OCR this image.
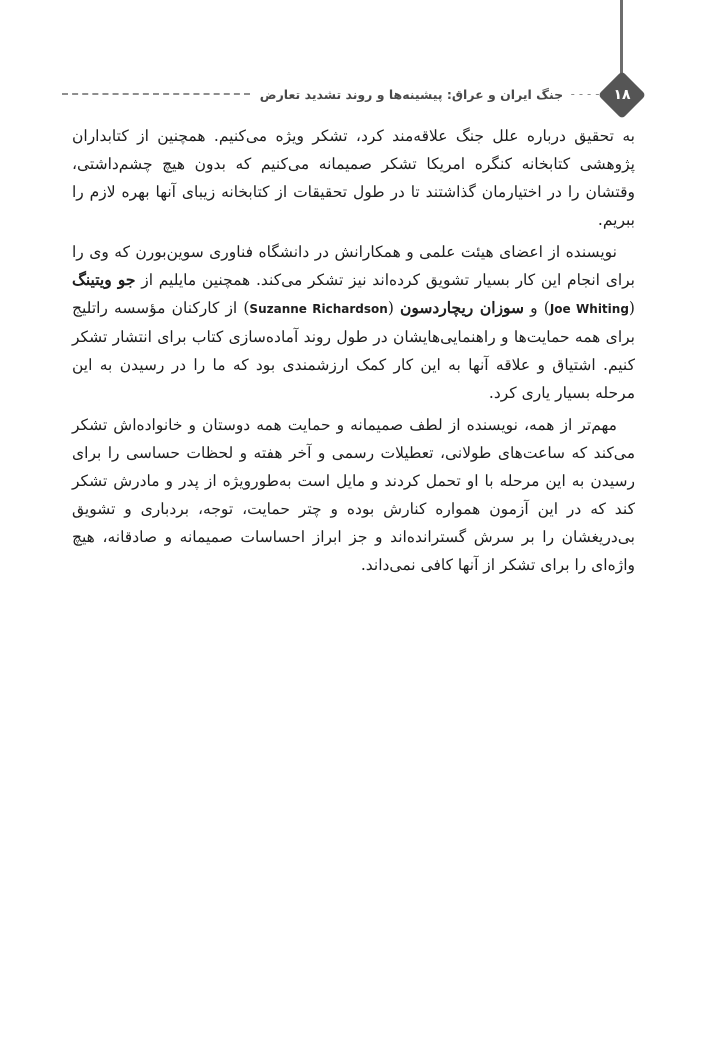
۱۸
----
جنگ ایران و عراق: پیشینه‌ها و روند تشدید تعارض

به تحقیق درباره علل جنگ علاقه‌مند کرد، تشکر ویژه می‌کنیم. همچنین از کتابداران پژوهشی کتابخانه کنگره امریکا تشکر صمیمانه می‌کنیم که بدون هیچ چشم‌داشتی، وقتشان را در اختیارمان گذاشتند تا در طول تحقیقات از کتابخانه زیبای آنها بهره لازم را ببریم.

نویسنده از اعضای هیئت علمی و همکارانش در دانشگاه فناوری سوین‌بورن که وی را برای انجام این کار بسیار تشویق کرده‌اند نیز تشکر می‌کند. همچنین مایلیم از جو ویتینگ (Joe Whiting) و سوزان ریچاردسون (Suzanne Richardson) از کارکنان مؤسسه راتلیج برای همه حمایت‌ها و راهنمایی‌هایشان در طول روند آماده‌سازی کتاب برای انتشار تشکر کنیم. اشتیاق و علاقه آنها به این کار کمک ارزشمندی بود که ما را در رسیدن به این مرحله بسیار یاری کرد.

مهم‌تر از همه، نویسنده از لطف صمیمانه و حمایت همه دوستان و خانواده‌اش تشکر می‌کند که ساعت‌های طولانی، تعطیلات رسمی و آخر هفته و لحظات حساسی را برای رسیدن به این مرحله با او تحمل کردند و مایل است به‌طورویژه از پدر و مادرش تشکر کند که در این آزمون همواره کنارش بوده و چتر حمایت، توجه، بردباری و تشویق بی‌دریغشان را بر سرش گسترانده‌اند و جز ابراز احساسات صمیمانه و صادقانه، هیچ واژه‌ای را برای تشکر از آنها کافی نمی‌داند.
